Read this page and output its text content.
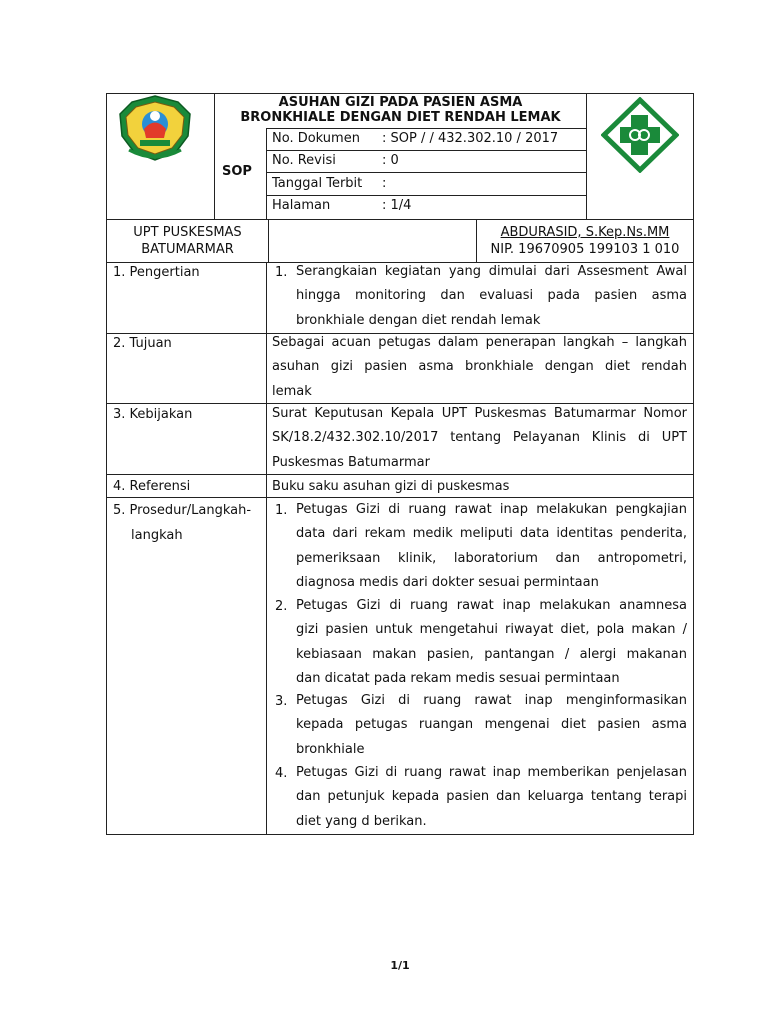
ASUHAN GIZI PADA PASIEN ASMA
BRONKHIALE DENGAN DIET RENDAH LEMAK
SOP
No. Dokumen : SOP / / 432.302.10 / 2017
No. Revisi	: 0
Tanggal Terbit :
Halaman	: 1/4
UPT PUSKESMAS
BATUMARMAR
ABDURASID, S.Kep.Ns.MM
NIP. 19670905 199103 1 010
1. Pengertian	1. Serangkaian kegiatan yang dimulai dari Assesment Awal
hingga monitoring dan evaluasi pada pasien asma
bronkhiale dengan diet rendah lemak
2. Tujuan	Sebagai acuan petugas dalam penerapan langkah – langkah
asuhan gizi pasien asma bronkhiale dengan diet rendah
lemak
3. Kebijakan	Surat Keputusan Kepala UPT Puskesmas Batumarmar Nomor
SK/18.2/432.302.10/2017 tentang Pelayanan Klinis di UPT
Puskesmas Batumarmar
4. Referensi	Buku saku asuhan gizi di puskesmas
5. Prosedur/Langkah-
langkah
1. Petugas Gizi di ruang rawat inap melakukan pengkajian
data dari rekam medik meliputi data identitas penderita,
pemeriksaan klinik, laboratorium dan antropometri,
diagnosa medis dari dokter sesuai permintaan
2. Petugas Gizi di ruang rawat inap melakukan anamnesa
gizi pasien untuk mengetahui riwayat diet, pola makan /
kebiasaan makan pasien, pantangan / alergi makanan
dan dicatat pada rekam medis sesuai permintaan
3. Petugas Gizi di ruang rawat inap menginformasikan
kepada petugas ruangan mengenai diet pasien asma
bronkhiale
4. Petugas Gizi di ruang rawat inap memberikan penjelasan
dan petunjuk kepada pasien dan keluarga tentang terapi
diet yang d berikan.
1/1
